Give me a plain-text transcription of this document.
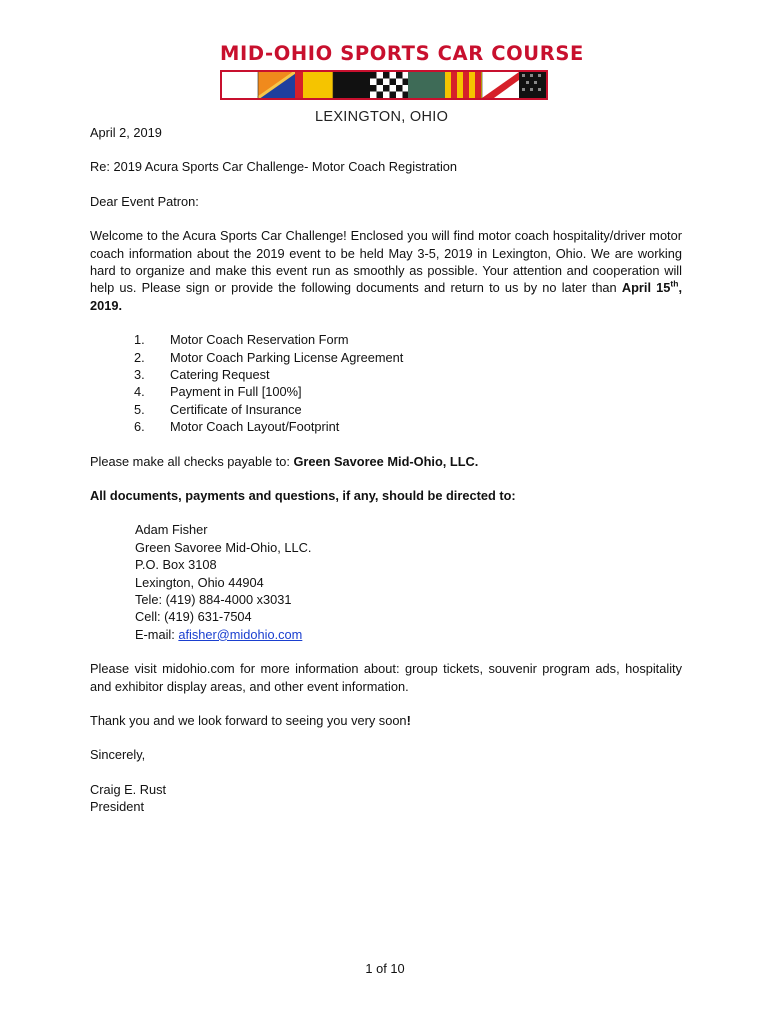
MID-OHIO SPORTS CAR COURSE
LEXINGTON, OHIO

April 2, 2019

Re: 2019 Acura Sports Car Challenge- Motor Coach Registration

Dear Event Patron:

Welcome to the Acura Sports Car Challenge! Enclosed you will find motor coach hospitality/driver motor coach information about the 2019 event to be held May 3-5, 2019 in Lexington, Ohio. We are working hard to organize and make this event run as smoothly as possible. Your attention and cooperation will help us. Please sign or provide the following documents and return to us by no later than April 15th, 2019.

1.	Motor Coach Reservation Form
2.	Motor Coach Parking License Agreement
3.	Catering Request
4.	Payment in Full [100%]
5.	Certificate of Insurance
6.	Motor Coach Layout/Footprint

Please make all checks payable to: Green Savoree Mid-Ohio, LLC.

All documents, payments and questions, if any, should be directed to:

Adam Fisher
Green Savoree Mid-Ohio, LLC.
P.O. Box 3108
Lexington, Ohio 44904
Tele: (419) 884-4000 x3031
Cell: (419) 631-7504
E-mail: afisher@midohio.com

Please visit midohio.com for more information about: group tickets, souvenir program ads, hospitality and exhibitor display areas, and other event information.

Thank you and we look forward to seeing you very soon!

Sincerely,

Craig E. Rust
President
1 of 10
